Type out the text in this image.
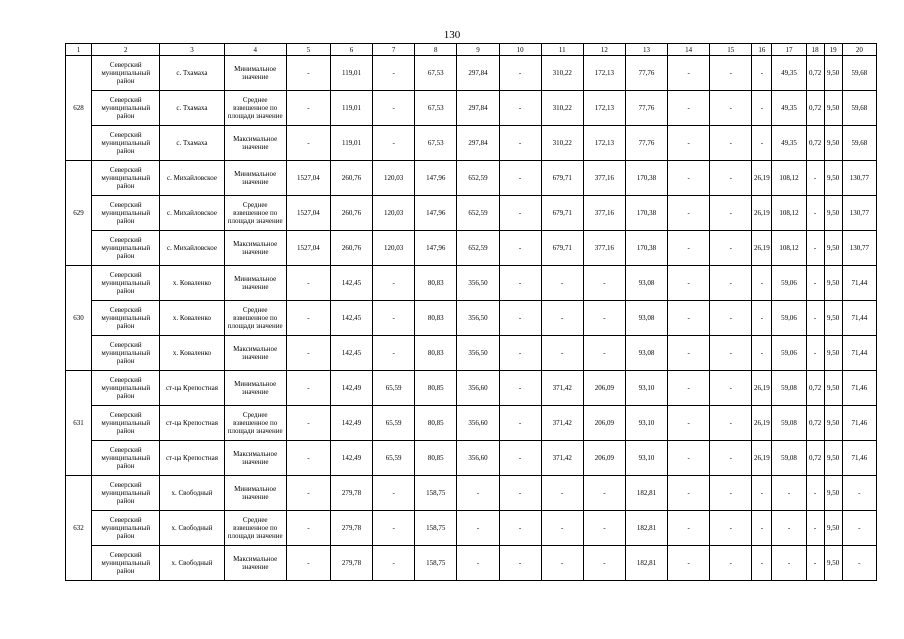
130
1	2	3	4	5	6	7	8	9	10	11	12	13	14	15	16	17	18	19	20
628	Северский муниципальный район	с. Тхамаха	Минимальное значение	-	119,01	-	67,53	297,84	-	310,22	172,13	77,76	-	-	-	49,35	0,72	9,50	59,68
	Северский муниципальный район	с. Тхамаха	Среднее взвешенное по площади значение	-	119,01	-	67,53	297,84	-	310,22	172,13	77,76	-	-	-	49,35	0,72	9,50	59,68
	Северский муниципальный район	с. Тхамаха	Максимальное значение	-	119,01	-	67,53	297,84	-	310,22	172,13	77,76	-	-	-	49,35	0,72	9,50	59,68
629	Северский муниципальный район	с. Михайловское	Минимальное значение	1527,04	260,76	120,03	147,96	652,59	-	679,71	377,16	170,38	-	-	26,19	108,12	-	9,50	130,77
	Северский муниципальный район	с. Михайловское	Среднее взвешенное по площади значение	1527,04	260,76	120,03	147,96	652,59	-	679,71	377,16	170,38	-	-	26,19	108,12	-	9,50	130,77
	Северский муниципальный район	с. Михайловское	Максимальное значение	1527,04	260,76	120,03	147,96	652,59	-	679,71	377,16	170,38	-	-	26,19	108,12	-	9,50	130,77
630	Северский муниципальный район	х. Коваленко	Минимальное значение	-	142,45	-	80,83	356,50	-	-	-	93,08	-	-	-	59,06	-	9,50	71,44
	Северский муниципальный район	х. Коваленко	Среднее взвешенное по площади значение	-	142,45	-	80,83	356,50	-	-	-	93,08	-	-	-	59,06	-	9,50	71,44
	Северский муниципальный район	х. Коваленко	Максимальное значение	-	142,45	-	80,83	356,50	-	-	-	93,08	-	-	-	59,06	-	9,50	71,44
631	Северский муниципальный район	ст-ца Крепостная	Минимальное значение	-	142,49	65,59	80,85	356,60	-	371,42	206,09	93,10	-	-	26,19	59,08	0,72	9,50	71,46
	Северский муниципальный район	ст-ца Крепостная	Среднее взвешенное по площади значение	-	142,49	65,59	80,85	356,60	-	371,42	206,09	93,10	-	-	26,19	59,08	0,72	9,50	71,46
	Северский муниципальный район	ст-ца Крепостная	Максимальное значение	-	142,49	65,59	80,85	356,60	-	371,42	206,09	93,10	-	-	26,19	59,08	0,72	9,50	71,46
632	Северский муниципальный район	х. Свободный	Минимальное значение	-	279,78	-	158,75	-	-	-	-	182,81	-	-	-	-	-	9,50	-
	Северский муниципальный район	х. Свободный	Среднее взвешенное по площади значение	-	279,78	-	158,75	-	-	-	-	182,81	-	-	-	-	-	9,50	-
	Северский муниципальный район	х. Свободный	Максимальное значение	-	279,78	-	158,75	-	-	-	-	182,81	-	-	-	-	-	9,50	-
